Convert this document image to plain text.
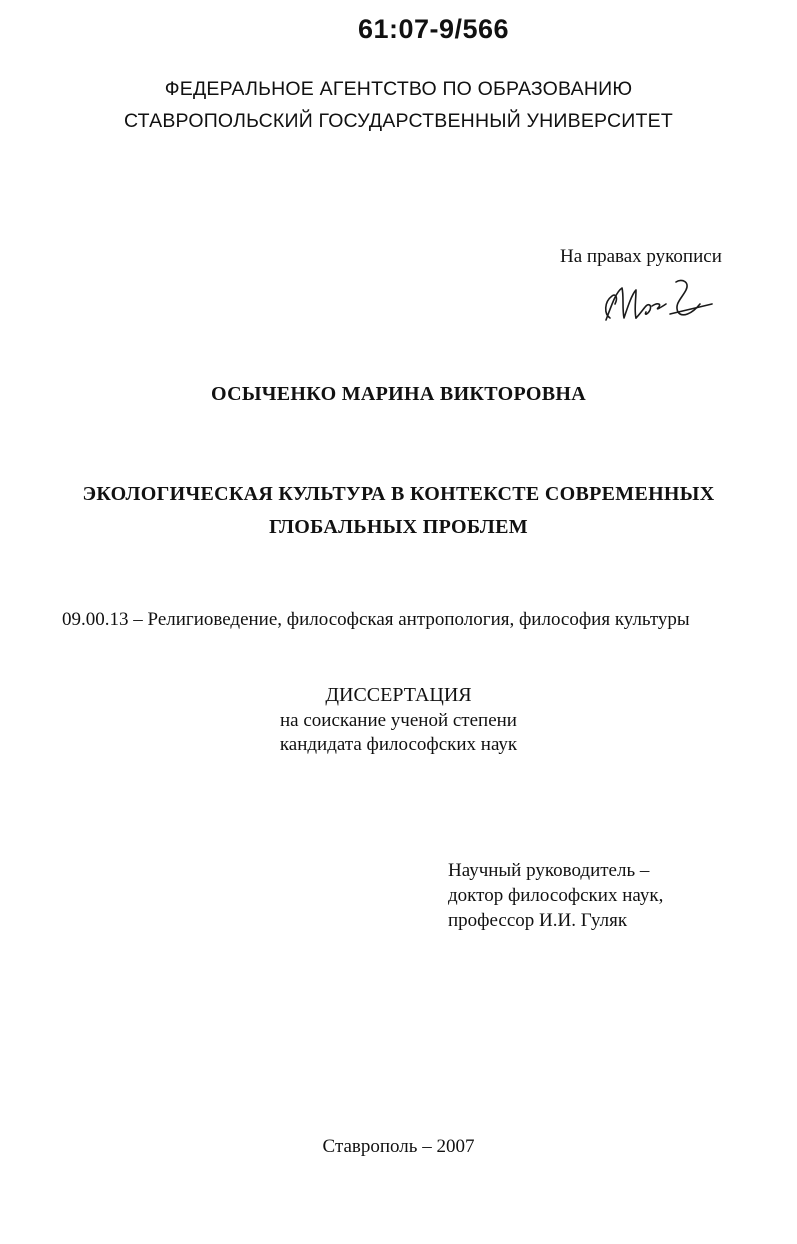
61:07-9/566
ФЕДЕРАЛЬНОЕ АГЕНТСТВО ПО ОБРАЗОВАНИЮ
СТАВРОПОЛЬСКИЙ ГОСУДАРСТВЕННЫЙ УНИВЕРСИТЕТ
На правах рукописи
ОСЫЧЕНКО МАРИНА ВИКТОРОВНА
ЭКОЛОГИЧЕСКАЯ КУЛЬТУРА В КОНТЕКСТЕ СОВРЕМЕННЫХ
ГЛОБАЛЬНЫХ ПРОБЛЕМ
09.00.13 – Религиоведение, философская антропология, философия культуры
ДИССЕРТАЦИЯ
на соискание ученой степени
кандидата философских наук
Научный руководитель –
доктор философских наук,
профессор И.И. Гуляк
Ставрополь – 2007
